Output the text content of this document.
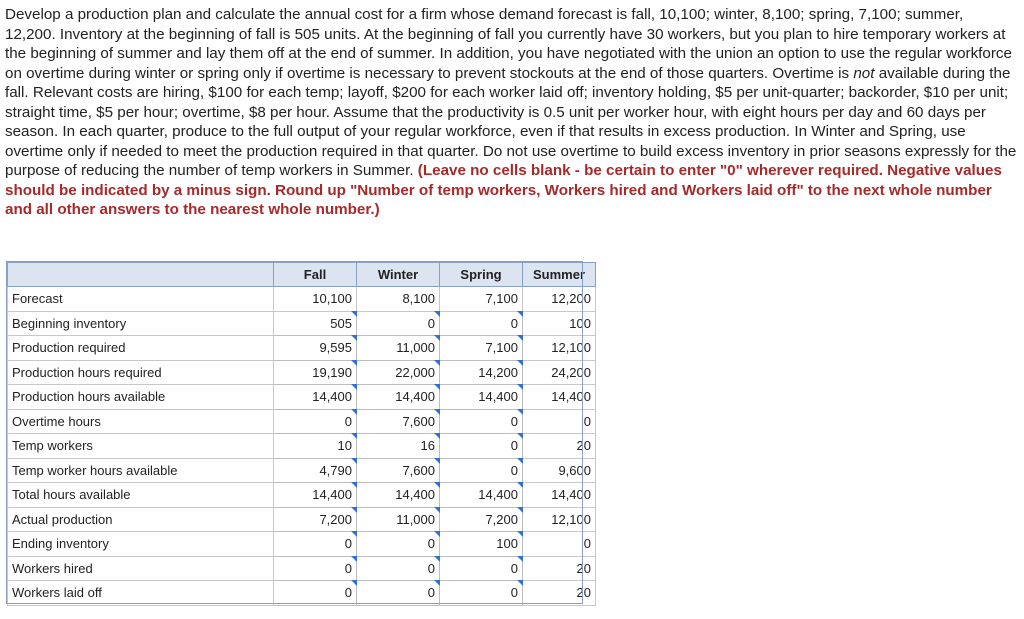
Develop a production plan and calculate the annual cost for a firm whose demand forecast is fall, 10,100; winter, 8,100; spring, 7,100; summer, 12,200. Inventory at the beginning of fall is 505 units. At the beginning of fall you currently have 30 workers, but you plan to hire temporary workers at the beginning of summer and lay them off at the end of summer. In addition, you have negotiated with the union an option to use the regular workforce on overtime during winter or spring only if overtime is necessary to prevent stockouts at the end of those quarters. Overtime is not available during the fall. Relevant costs are hiring, $100 for each temp; layoff, $200 for each worker laid off; inventory holding, $5 per unit-quarter; backorder, $10 per unit; straight time, $5 per hour; overtime, $8 per hour. Assume that the productivity is 0.5 unit per worker hour, with eight hours per day and 60 days per season. In each quarter, produce to the full output of your regular workforce, even if that results in excess production. In Winter and Spring, use overtime only if needed to meet the production required in that quarter. Do not use overtime to build excess inventory in prior seasons expressly for the purpose of reducing the number of temp workers in Summer. (Leave no cells blank - be certain to enter "0" wherever required. Negative values should be indicated by a minus sign. Round up "Number of temp workers, Workers hired and Workers laid off" to the next whole number and all other answers to the nearest whole number.)
	Fall	Winter	Spring	Summer
Forecast	10,100	8,100	7,100	12,200
Beginning inventory	505	0	0	100
Production required	9,595	11,000	7,100	12,100
Production hours required	19,190	22,000	14,200	24,200
Production hours available	14,400	14,400	14,400	14,400
Overtime hours	0	7,600	0	0
Temp workers	10	16	0	20
Temp worker hours available	4,790	7,600	0	9,600
Total hours available	14,400	14,400	14,400	14,400
Actual production	7,200	11,000	7,200	12,100
Ending inventory	0	0	100	0
Workers hired	0	0	0	20
Workers laid off	0	0	0	20
